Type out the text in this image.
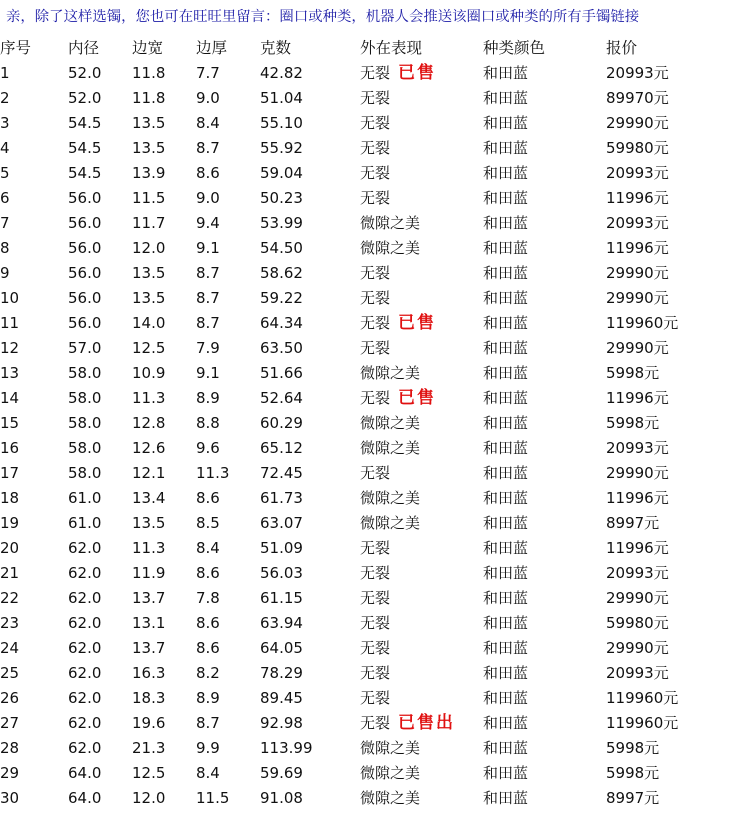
亲，除了这样选镯，您也可在旺旺里留言：圈口或种类，机器人会推送该圈口或种类的所有手镯链接
序号	内径	边宽	边厚	克数	外在表现	种类颜色	报价
1	52.0	11.8	7.7	42.82	无裂 已售	和田蓝	20993元
2	52.0	11.8	9.0	51.04	无裂	和田蓝	89970元
3	54.5	13.5	8.4	55.10	无裂	和田蓝	29990元
4	54.5	13.5	8.7	55.92	无裂	和田蓝	59980元
5	54.5	13.9	8.6	59.04	无裂	和田蓝	20993元
6	56.0	11.5	9.0	50.23	无裂	和田蓝	11996元
7	56.0	11.7	9.4	53.99	微隙之美	和田蓝	20993元
8	56.0	12.0	9.1	54.50	微隙之美	和田蓝	11996元
9	56.0	13.5	8.7	58.62	无裂	和田蓝	29990元
10	56.0	13.5	8.7	59.22	无裂	和田蓝	29990元
11	56.0	14.0	8.7	64.34	无裂 已售	和田蓝	119960元
12	57.0	12.5	7.9	63.50	无裂	和田蓝	29990元
13	58.0	10.9	9.1	51.66	微隙之美	和田蓝	5998元
14	58.0	11.3	8.9	52.64	无裂 已售	和田蓝	11996元
15	58.0	12.8	8.8	60.29	微隙之美	和田蓝	5998元
16	58.0	12.6	9.6	65.12	微隙之美	和田蓝	20993元
17	58.0	12.1	11.3	72.45	无裂	和田蓝	29990元
18	61.0	13.4	8.6	61.73	微隙之美	和田蓝	11996元
19	61.0	13.5	8.5	63.07	微隙之美	和田蓝	8997元
20	62.0	11.3	8.4	51.09	无裂	和田蓝	11996元
21	62.0	11.9	8.6	56.03	无裂	和田蓝	20993元
22	62.0	13.7	7.8	61.15	无裂	和田蓝	29990元
23	62.0	13.1	8.6	63.94	无裂	和田蓝	59980元
24	62.0	13.7	8.6	64.05	无裂	和田蓝	29990元
25	62.0	16.3	8.2	78.29	无裂	和田蓝	20993元
26	62.0	18.3	8.9	89.45	无裂	和田蓝	119960元
27	62.0	19.6	8.7	92.98	无裂 已售出	和田蓝	119960元
28	62.0	21.3	9.9	113.99	微隙之美	和田蓝	5998元
29	64.0	12.5	8.4	59.69	微隙之美	和田蓝	5998元
30	64.0	12.0	11.5	91.08	微隙之美	和田蓝	8997元
